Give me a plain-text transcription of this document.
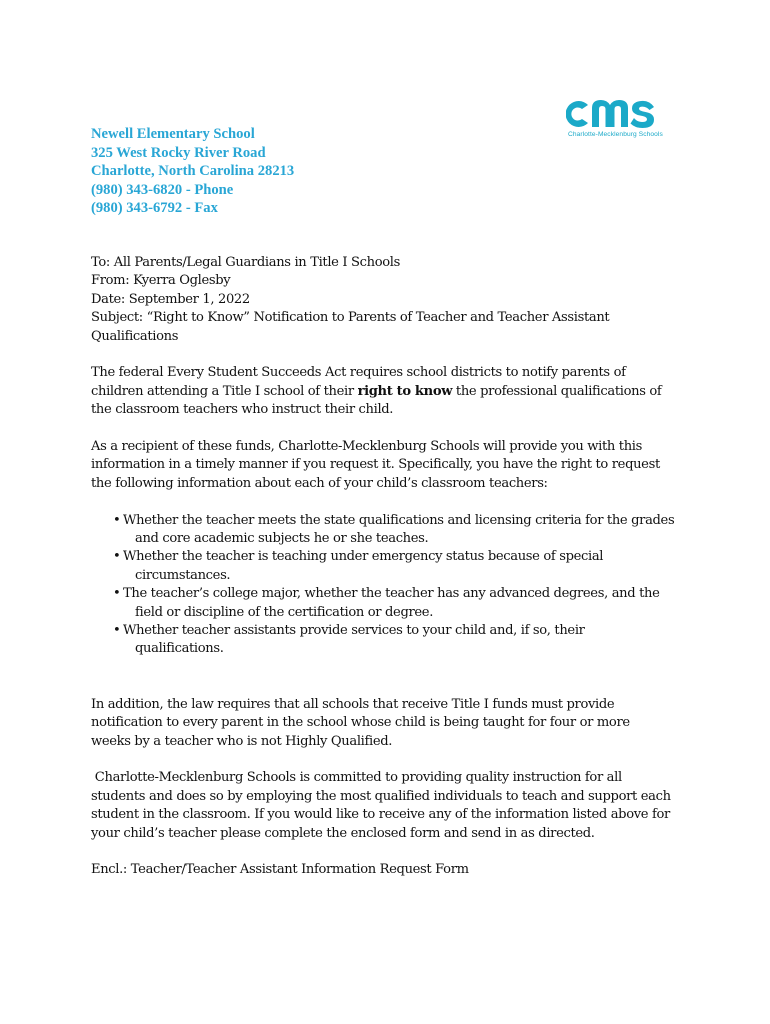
Charlotte-Mecklenburg Schools
Newell Elementary School
325 West Rocky River Road
Charlotte, North Carolina 28213
(980) 343-6820 - Phone
(980) 343-6792 - Fax
To: All Parents/Legal Guardians in Title I Schools
From: Kyerra Oglesby
Date: September 1, 2022
Subject: “Right to Know” Notification to Parents of Teacher and Teacher Assistant
Qualifications
The federal Every Student Succeeds Act requires school districts to notify parents of
children attending a Title I school of their right to know the professional qualifications of
the classroom teachers who instruct their child.
As a recipient of these funds, Charlotte-Mecklenburg Schools will provide you with this
information in a timely manner if you request it. Specifically, you have the right to request
the following information about each of your child’s classroom teachers:
• Whether the teacher meets the state qualifications and licensing criteria for the grades
and core academic subjects he or she teaches.
• Whether the teacher is teaching under emergency status because of special
circumstances.
• The teacher’s college major, whether the teacher has any advanced degrees, and the
field or discipline of the certification or degree.
• Whether teacher assistants provide services to your child and, if so, their
qualifications.
In addition, the law requires that all schools that receive Title I funds must provide
notification to every parent in the school whose child is being taught for four or more
weeks by a teacher who is not Highly Qualified.
Charlotte-Mecklenburg Schools is committed to providing quality instruction for all
students and does so by employing the most qualified individuals to teach and support each
student in the classroom. If you would like to receive any of the information listed above for
your child’s teacher please complete the enclosed form and send in as directed.
Encl.: Teacher/Teacher Assistant Information Request Form
